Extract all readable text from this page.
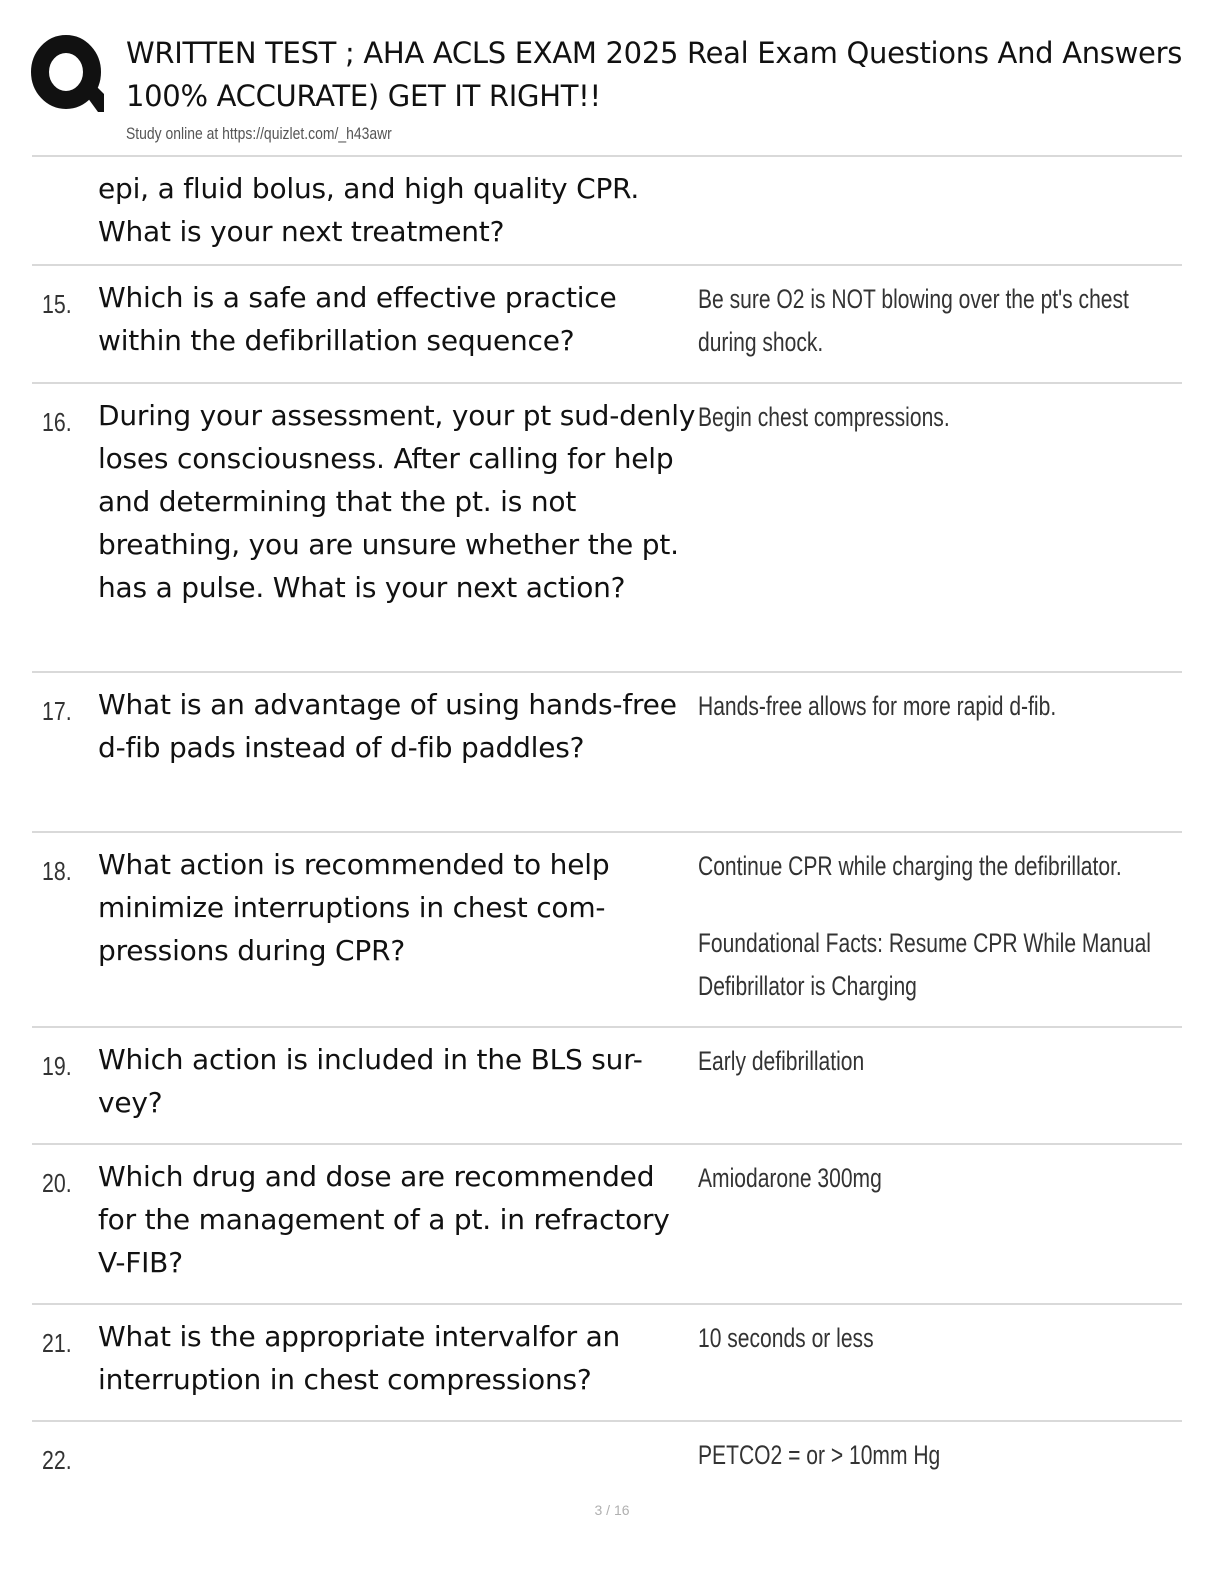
WRITTEN TEST ; AHA ACLS EXAM 2025 Real Exam Questions And Answers
100% ACCURATE) GET IT RIGHT!!
Study online at https://quizlet.com/_h43awr
epi, a fluid bolus, and high quality CPR. What is your next treatment?
15. Which is a safe and effective practice within the defibrillation sequence?
Be sure O2 is NOT blowing over the pt's chest
during shock.
16. During your assessment, your pt sud-denly loses consciousness. After calling for help and determining that the pt. is not breathing, you are unsure whether the pt. has a pulse. What is your next action?
Begin chest compressions.
17. What is an advantage of using hands-free d-fib pads instead of d-fib paddles?
Hands-free allows for more rapid d-fib.
18. What action is recommended to help minimize interruptions in chest com-pressions during CPR?
Continue CPR while charging the defibrillator.
Foundational Facts: Resume CPR While Manual
Defibrillator is Charging
19. Which action is included in the BLS sur-vey?
Early defibrillation
20. Which drug and dose are recommended for the management of a pt. in refractory V-FIB?
Amiodarone 300mg
21. What is the appropriate intervalfor an interruption in chest compressions?
10 seconds or less
22.	PETCO2 = or > 10mm Hg
3 / 16
